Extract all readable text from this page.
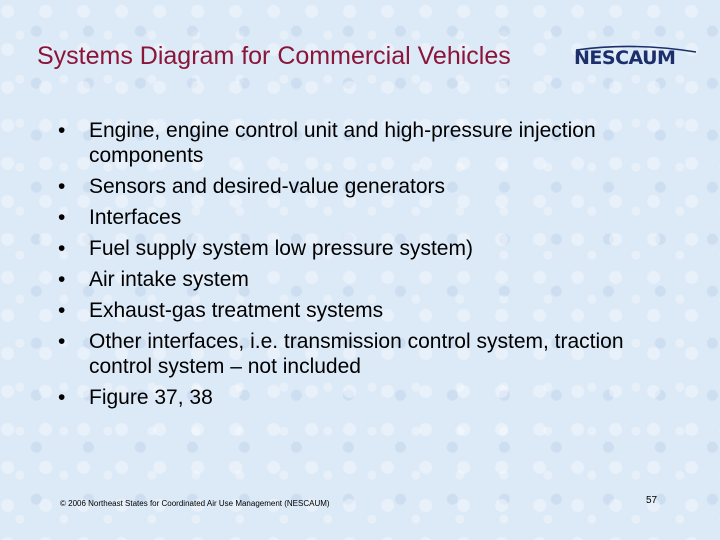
Systems Diagram for Commercial Vehicles	NESCAUM
•	Engine, engine control unit and high-pressure injection components
•	Sensors and desired-value generators
•	Interfaces
•	Fuel supply system low pressure system)
•	Air intake system
•	Exhaust-gas treatment systems
•	Other interfaces, i.e. transmission control system, traction control system – not included
•	Figure 37, 38
© 2006 Northeast States for Coordinated Air Use Management (NESCAUM)	57
